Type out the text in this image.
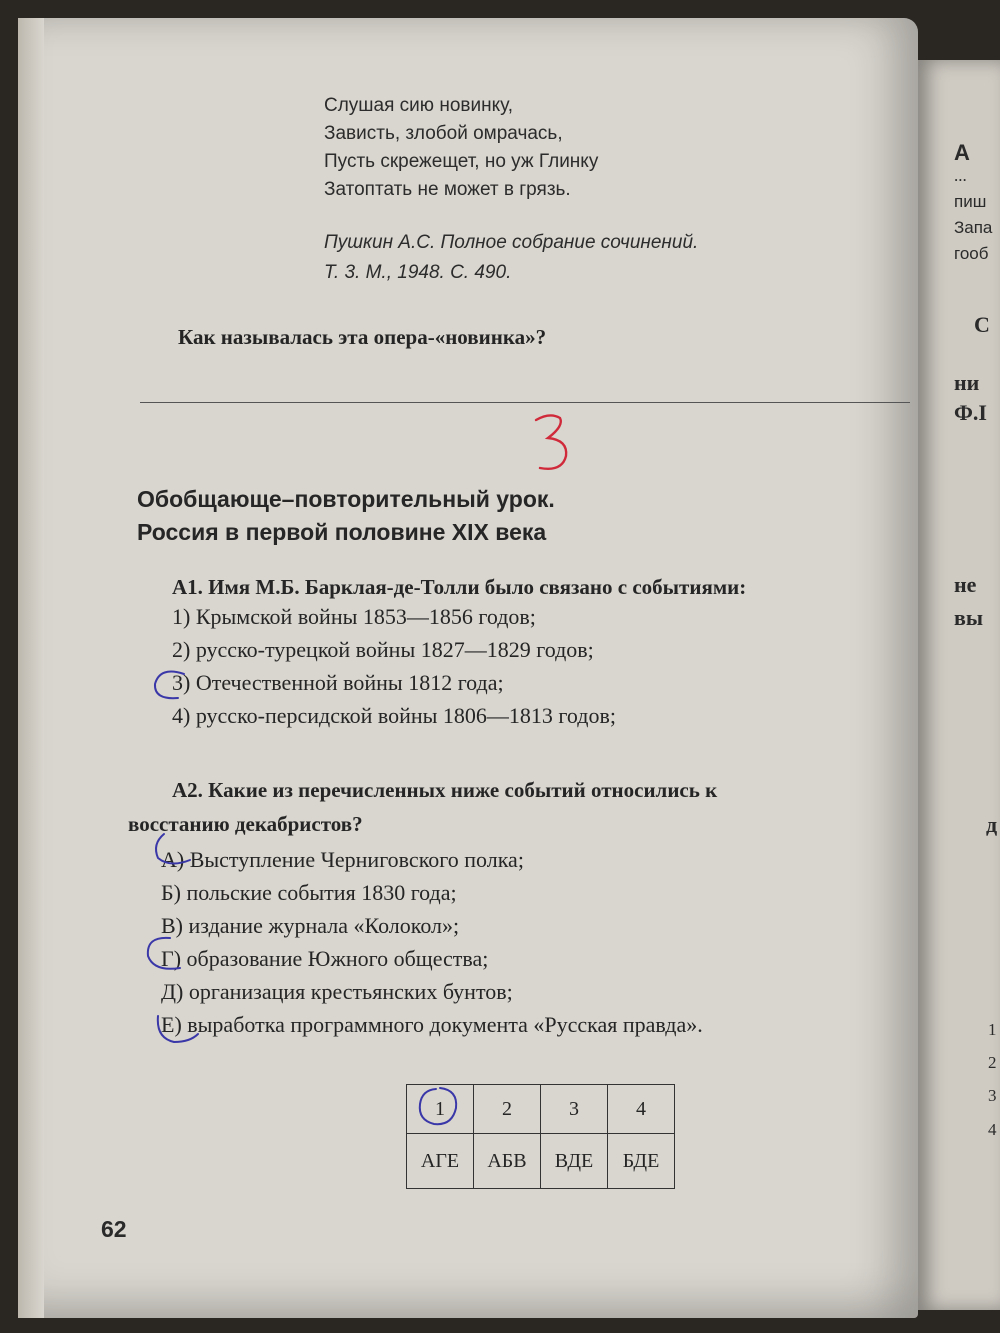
А
...
пиш
Запа
гооб
С
ни
Ф.І
не
вы
д
1
2
3
4
Слушая сию новинку,
Зависть, злобой омрачась,
Пусть скрежещет, но уж Глинку
Затоптать не может в грязь.
Пушкин А.С. Полное собрание сочинений.
Т. 3. М., 1948. С. 490.
Как называлась эта опера-«новинка»?
Обобщающе–повторительный урок.
Россия в первой половине XIX века
А1. Имя М.Б. Барклая-де-Толли было связано с событиями:
1) Крымской войны 1853—1856 годов;
2) русско-турецкой войны 1827—1829 годов;
3) Отечественной войны 1812 года;
4) русско-персидской войны 1806—1813 годов;
А2. Какие из перечисленных ниже событий относились к
восстанию декабристов?
А) Выступление Черниговского полка;
Б) польские события 1830 года;
В) издание журнала «Колокол»;
Г) образование Южного общества;
Д) организация крестьянских бунтов;
Е) выработка программного документа «Русская правда».
1	2	3	4
АГЕ	АБВ	ВДЕ	БДЕ
62
